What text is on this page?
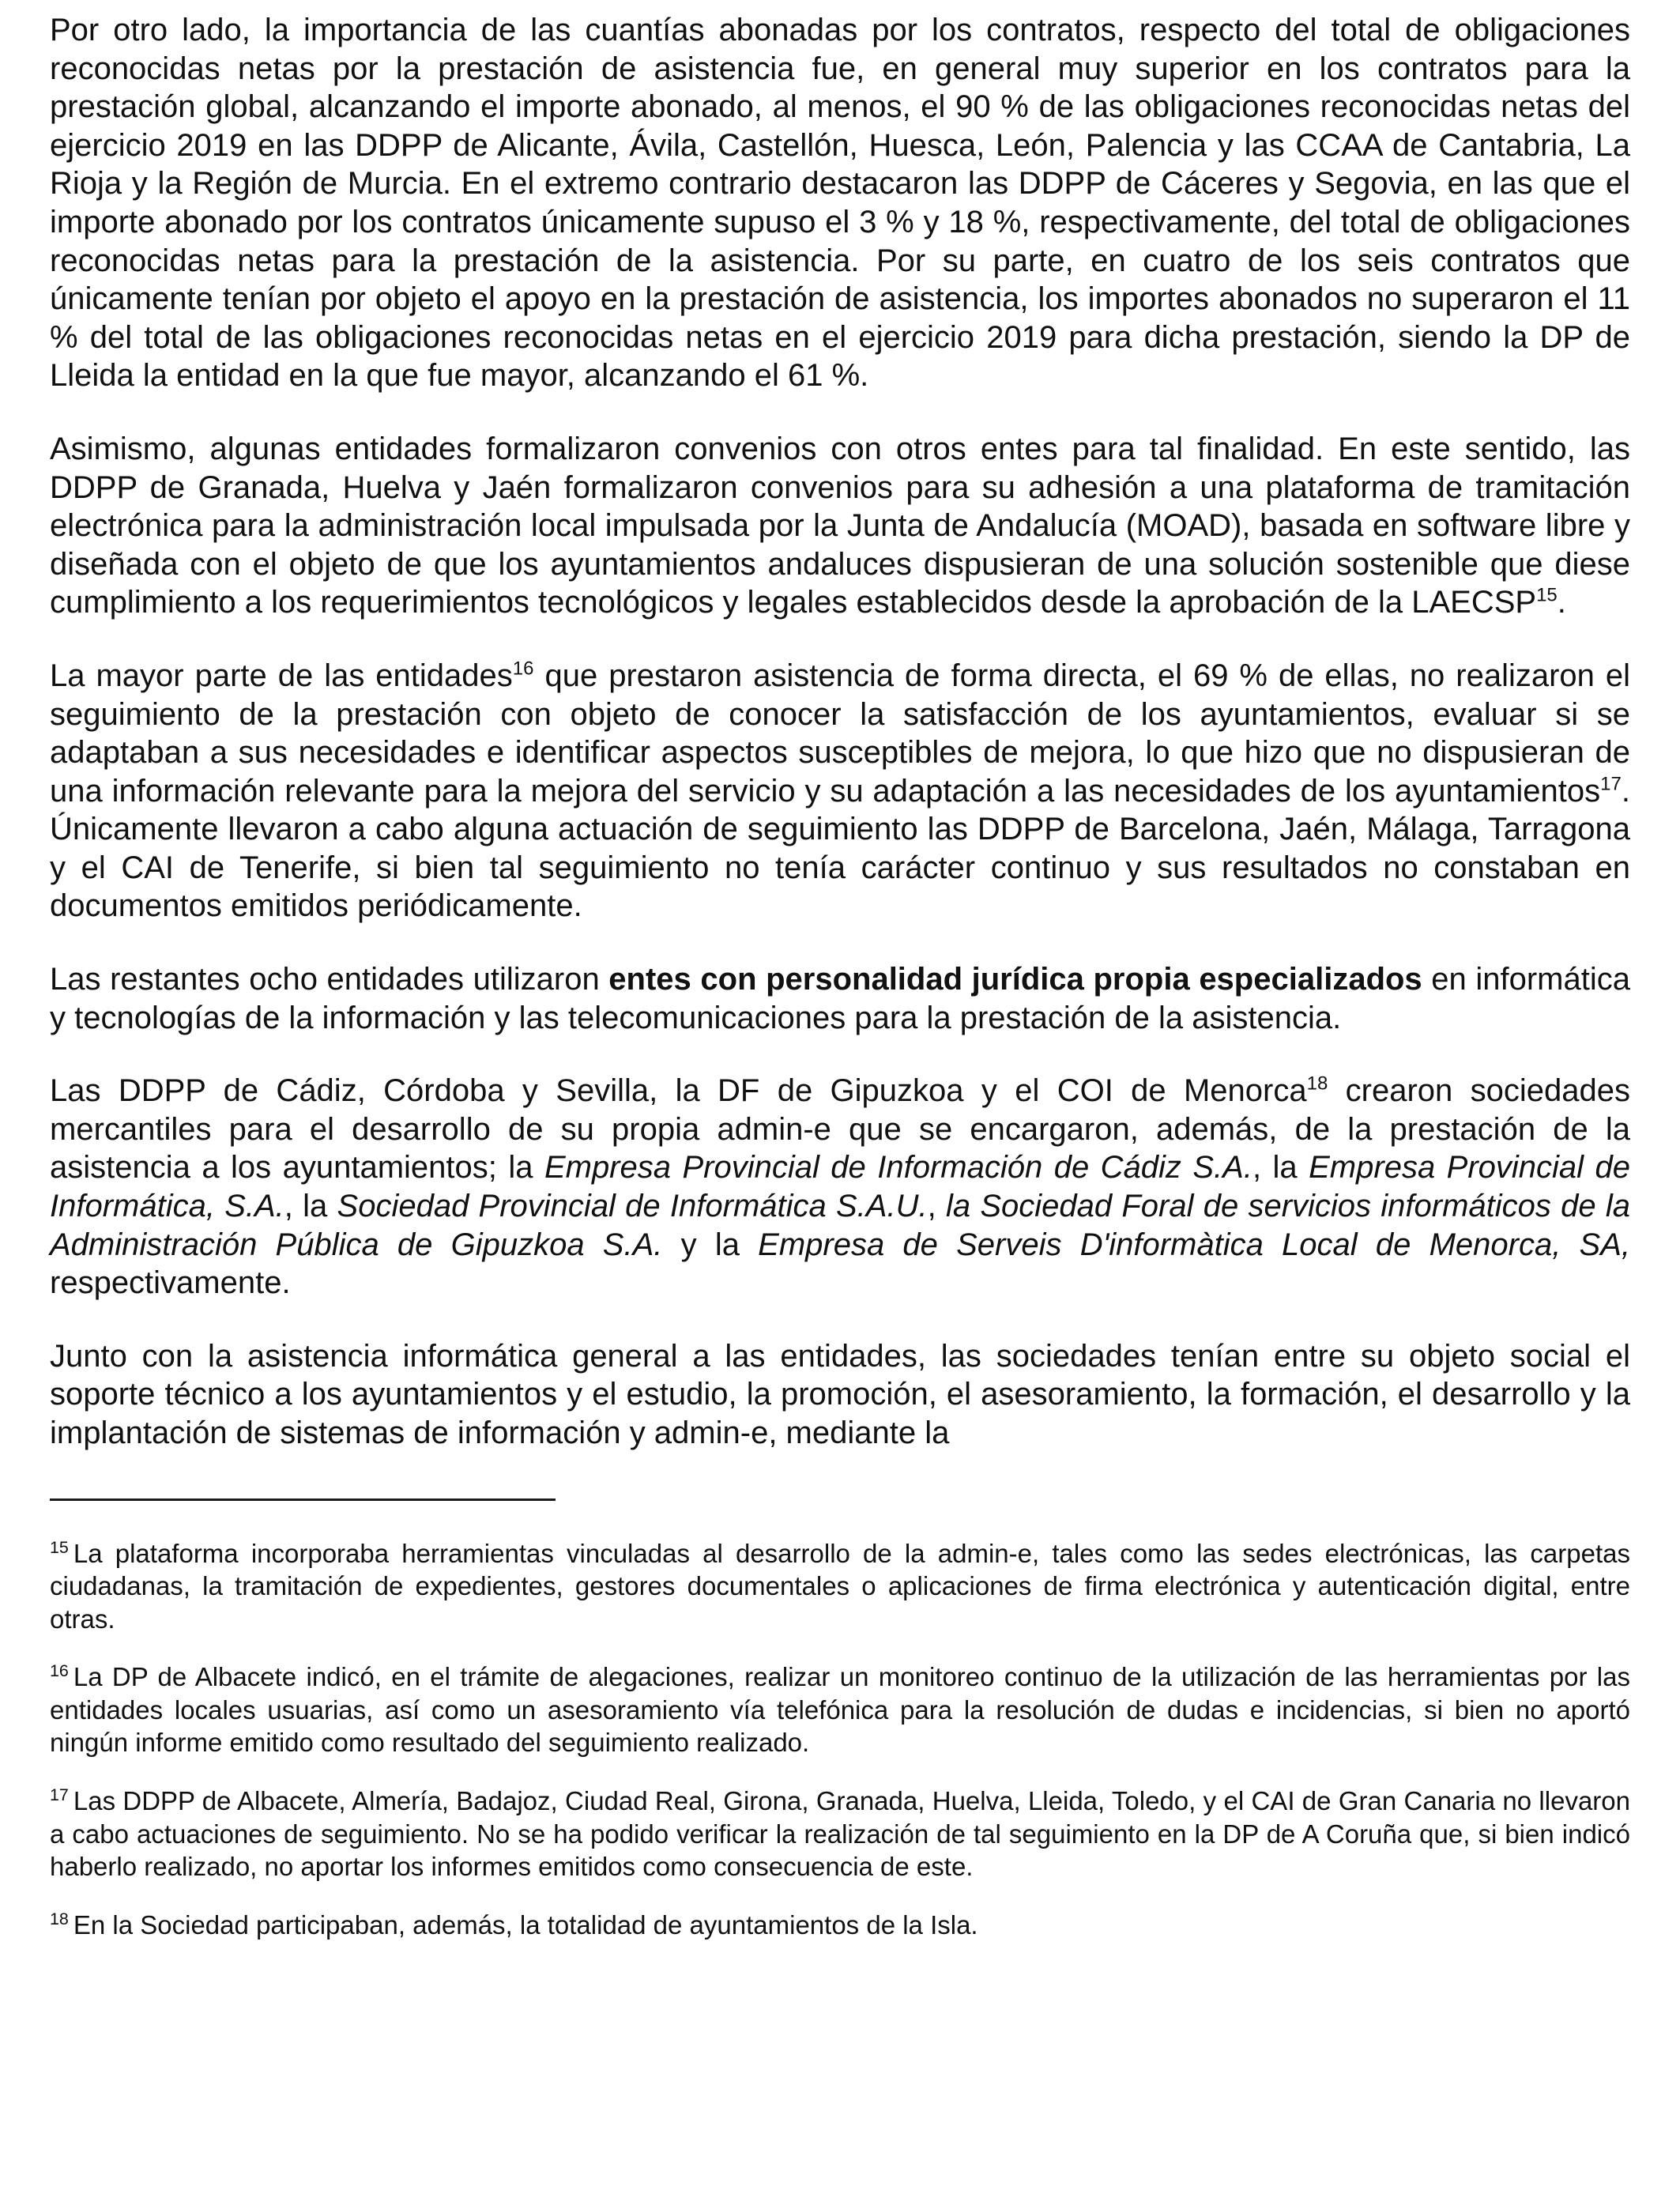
Por otro lado, la importancia de las cuantías abonadas por los contratos, respecto del total de obligaciones reconocidas netas por la prestación de asistencia fue, en general muy superior en los contratos para la prestación global, alcanzando el importe abonado, al menos, el 90 % de las obligaciones reconocidas netas del ejercicio 2019 en las DDPP de Alicante, Ávila, Castellón, Huesca, León, Palencia y las CCAA de Cantabria, La Rioja y la Región de Murcia. En el extremo contrario destacaron las DDPP de Cáceres y Segovia, en las que el importe abonado por los contratos únicamente supuso el 3 % y 18 %, respectivamente, del total de obligaciones reconocidas netas para la prestación de la asistencia. Por su parte, en cuatro de los seis contratos que únicamente tenían por objeto el apoyo en la prestación de asistencia, los importes abonados no superaron el 11 % del total de las obligaciones reconocidas netas en el ejercicio 2019 para dicha prestación, siendo la DP de Lleida la entidad en la que fue mayor, alcanzando el 61 %.

Asimismo, algunas entidades formalizaron convenios con otros entes para tal finalidad. En este sentido, las DDPP de Granada, Huelva y Jaén formalizaron convenios para su adhesión a una plataforma de tramitación electrónica para la administración local impulsada por la Junta de Andalucía (MOAD), basada en software libre y diseñada con el objeto de que los ayuntamientos andaluces dispusieran de una solución sostenible que diese cumplimiento a los requerimientos tecnológicos y legales establecidos desde la aprobación de la LAECSP$^{15}$.

La mayor parte de las entidades$^{16}$ que prestaron asistencia de forma directa, el 69 % de ellas, no realizaron el seguimiento de la prestación con objeto de conocer la satisfacción de los ayuntamientos, evaluar si se adaptaban a sus necesidades e identificar aspectos susceptibles de mejora, lo que hizo que no dispusieran de una información relevante para la mejora del servicio y su adaptación a las necesidades de los ayuntamientos$^{17}$. Únicamente llevaron a cabo alguna actuación de seguimiento las DDPP de Barcelona, Jaén, Málaga, Tarragona y el CAI de Tenerife, si bien tal seguimiento no tenía carácter continuo y sus resultados no constaban en documentos emitidos periódicamente.

Las restantes ocho entidades utilizaron entes con personalidad jurídica propia especializados en informática y tecnologías de la información y las telecomunicaciones para la prestación de la asistencia.

Las DDPP de Cádiz, Córdoba y Sevilla, la DF de Gipuzkoa y el COI de Menorca$^{18}$ crearon sociedades mercantiles para el desarrollo de su propia admin-e que se encargaron, además, de la prestación de la asistencia a los ayuntamientos; la Empresa Provincial de Información de Cádiz S.A., la Empresa Provincial de Informática, S.A., la Sociedad Provincial de Informática S.A.U., la Sociedad Foral de servicios informáticos de la Administración Pública de Gipuzkoa S.A. y la Empresa de Serveis D'informàtica Local de Menorca, SA, respectivamente.

Junto con la asistencia informática general a las entidades, las sociedades tenían entre su objeto social el soporte técnico a los ayuntamientos y el estudio, la promoción, el asesoramiento, la formación, el desarrollo y la implantación de sistemas de información y admin-e, mediante la

$^{15}$ La plataforma incorporaba herramientas vinculadas al desarrollo de la admin-e, tales como las sedes electrónicas, las carpetas ciudadanas, la tramitación de expedientes, gestores documentales o aplicaciones de firma electrónica y autenticación digital, entre otras.

$^{16}$ La DP de Albacete indicó, en el trámite de alegaciones, realizar un monitoreo continuo de la utilización de las herramientas por las entidades locales usuarias, así como un asesoramiento vía telefónica para la resolución de dudas e incidencias, si bien no aportó ningún informe emitido como resultado del seguimiento realizado.

$^{17}$ Las DDPP de Albacete, Almería, Badajoz, Ciudad Real, Girona, Granada, Huelva, Lleida, Toledo, y el CAI de Gran Canaria no llevaron a cabo actuaciones de seguimiento. No se ha podido verificar la realización de tal seguimiento en la DP de A Coruña que, si bien indicó haberlo realizado, no aportar los informes emitidos como consecuencia de este.

$^{18}$ En la Sociedad participaban, además, la totalidad de ayuntamientos de la Isla.
